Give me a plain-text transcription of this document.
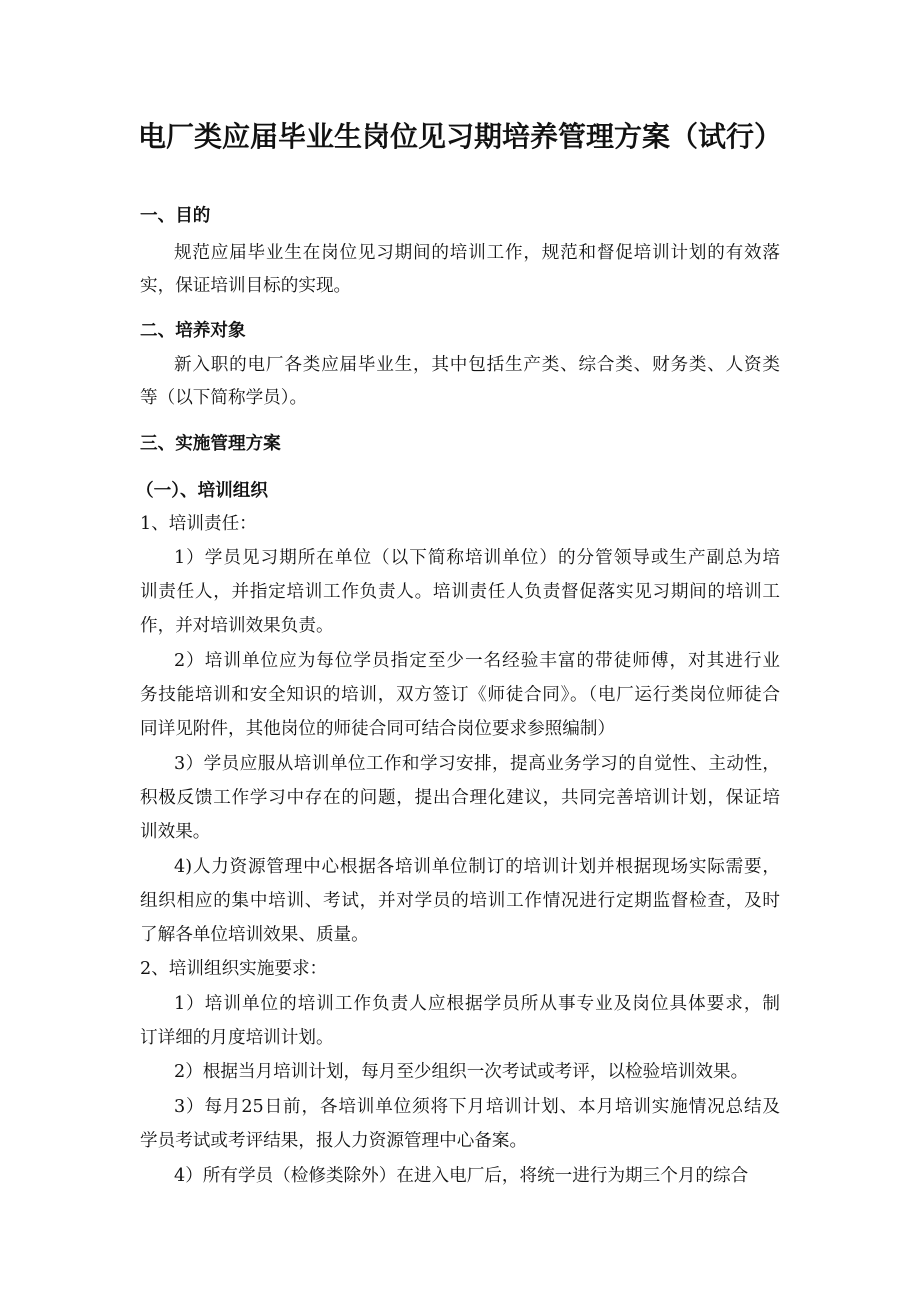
电厂类应届毕业生岗位见习期培养管理方案（试行）
一、目的
规范应届毕业生在岗位见习期间的培训工作，规范和督促培训计划的有效落
实，保证培训目标的实现。
二、培养对象
新入职的电厂各类应届毕业生，其中包括生产类、综合类、财务类、人资类
等（以下简称学员）。
三、实施管理方案
（一）、培训组织
1、培训责任：
1）学员见习期所在单位（以下简称培训单位）的分管领导或生产副总为培
训责任人，并指定培训工作负责人。培训责任人负责督促落实见习期间的培训工
作，并对培训效果负责。
2）培训单位应为每位学员指定至少一名经验丰富的带徒师傅，对其进行业
务技能培训和安全知识的培训，双方签订《师徒合同》。（电厂运行类岗位师徒合
同详见附件，其他岗位的师徒合同可结合岗位要求参照编制）
3）学员应服从培训单位工作和学习安排，提高业务学习的自觉性、主动性，
积极反馈工作学习中存在的问题，提出合理化建议，共同完善培训计划，保证培
训效果。
4)人力资源管理中心根据各培训单位制订的培训计划并根据现场实际需要，
组织相应的集中培训、考试，并对学员的培训工作情况进行定期监督检查，及时
了解各单位培训效果、质量。
2、培训组织实施要求：
1）培训单位的培训工作负责人应根据学员所从事专业及岗位具体要求，制
订详细的月度培训计划。
2）根据当月培训计划，每月至少组织一次考试或考评，以检验培训效果。
3）每月25日前，各培训单位须将下月培训计划、本月培训实施情况总结及
学员考试或考评结果，报人力资源管理中心备案。
4）所有学员（检修类除外）在进入电厂后，将统一进行为期三个月的综合
